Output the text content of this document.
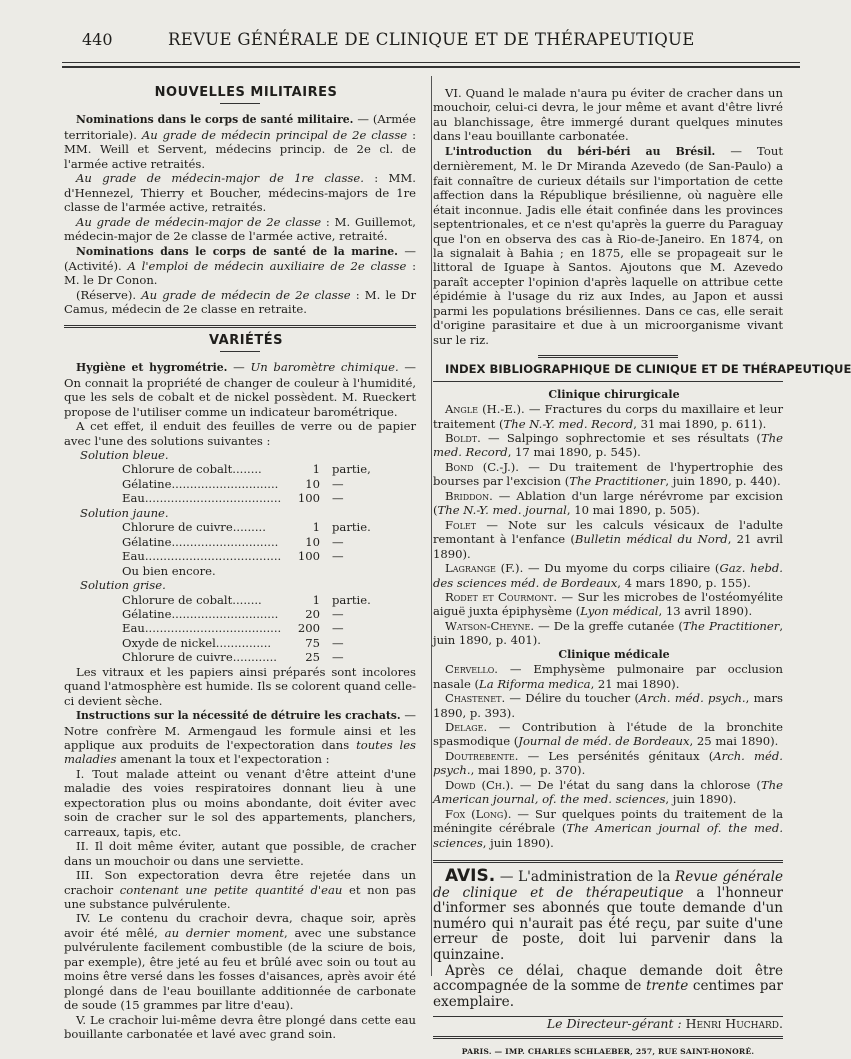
440	REVUE GÉNÉRALE DE CLINIQUE ET DE THÉRAPEUTIQUE

NOUVELLES MILITAIRES

Nominations dans le corps de santé militaire. — (Armée territoriale). Au grade de médecin principal de 2e classe : MM. Weill et Servent, médecins princip. de 2e cl. de l'armée active retraités.

Au grade de médecin-major de 1re classe. : MM. d'Hennezel, Thierry et Boucher, médecins-majors de 1re classe de l'armée active, retraités.

Au grade de médecin-major de 2e classe : M. Guillemot, médecin-major de 2e classe de l'armée active, retraité.

Nominations dans le corps de santé de la marine. — (Activité). A l'emploi de médecin auxiliaire de 2e classe : M. le Dr Conon.

(Réserve). Au grade de médecin de 2e classe : M. le Dr Camus, médecin de 2e classe en retraite.

VARIÉTÉS

Hygiène et hygrométrie. — Un baromètre chimique. — On connait la propriété de changer de couleur à l'humidité, que les sels de cobalt et de nickel possèdent. M. Rueckert propose de l'utiliser comme un indicateur barométrique.

A cet effet, il enduit des feuilles de verre ou de papier avec l'une des solutions suivantes :

Solution bleue.

Chlorure de cobalt........	1	partie,
Gélatine.............................	10	—
Eau.....................................	100	—

Solution jaune.

Chlorure de cuivre.........	1	partie.
Gélatine.............................	10	—
Eau.....................................	100	—

Ou bien encore.

Solution grise.

Chlorure de cobalt........	1	partie.
Gélatine.............................	20	—
Eau.....................................	200	—
Oxyde de nickel...............	75	—
Chlorure de cuivre............	25	—

Les vitraux et les papiers ainsi préparés sont incolores quand l'atmosphère est humide. Ils se colorent quand celle-ci devient sèche.

Instructions sur la nécessité de détruire les crachats. — Notre confrère M. Armengaud les formule ainsi et les applique aux produits de l'expectoration dans toutes les maladies amenant la toux et l'expectoration :

I. Tout malade atteint ou venant d'être atteint d'une maladie des voies respiratoires donnant lieu à une expectoration plus ou moins abondante, doit éviter avec soin de cracher sur le sol des appartements, planchers, carreaux, tapis, etc.

II. Il doit même éviter, autant que possible, de cracher dans un mouchoir ou dans une serviette.

III. Son expectoration devra être rejetée dans un crachoir contenant une petite quantité d'eau et non pas une substance pulvérulente.

IV. Le contenu du crachoir devra, chaque soir, après avoir été mêlé, au dernier moment, avec une substance pulvérulente facilement combustible (de la sciure de bois, par exemple), être jeté au feu et brûlé avec soin ou tout au moins être versé dans les fosses d'aisances, après avoir été plongé dans de l'eau bouillante additionnée de carbonate de soude (15 grammes par litre d'eau).

V. Le crachoir lui-même devra être plongé dans cette eau bouillante carbonatée et lavé avec grand soin.

VI. Quand le malade n'aura pu éviter de cracher dans un mouchoir, celui-ci devra, le jour même et avant d'être livré au blanchissage, être immergé durant quelques minutes dans l'eau bouillante carbonatée.

L'introduction du béri-béri au Brésil. — Tout dernièrement, M. le Dr Miranda Azevedo (de San-Paulo) a fait connaître de curieux détails sur l'importation de cette affection dans la République brésilienne, où naguère elle était inconnue. Jadis elle était confinée dans les provinces septentrionales, et ce n'est qu'après la guerre du Paraguay que l'on en observa des cas à Rio-de-Janeiro. En 1874, on la signalait à Bahia ; en 1875, elle se propageait sur le littoral de Iguape à Santos. Ajoutons que M. Azevedo paraît accepter l'opinion d'après laquelle on attribue cette épidémie à l'usage du riz aux Indes, au Japon et aussi parmi les populations brésiliennes. Dans ce cas, elle serait d'origine parasitaire et due à un microorganisme vivant sur le riz.

INDEX BIBLIOGRAPHIQUE DE CLINIQUE ET DE THÉRAPEUTIQUE

Clinique chirurgicale

Angle (H.-E.). — Fractures du corps du maxillaire et leur traitement (The N.-Y. med. Record, 31 mai 1890, p. 611).

Boldt. — Salpingo sophrectomie et ses résultats (The med. Record, 17 mai 1890, p. 545).

Bond (C.-J.). — Du traitement de l'hypertrophie des bourses par l'excision (The Practitioner, juin 1890, p. 440).

Briddon. — Ablation d'un large nérévrome par excision (The N.-Y. med. journal, 10 mai 1890, p. 505).

Folet — Note sur les calculs vésicaux de l'adulte remontant à l'enfance (Bulletin médical du Nord, 21 avril 1890).

Lagrange (F.). — Du myome du corps ciliaire (Gaz. hebd. des sciences méd. de Bordeaux, 4 mars 1890, p. 155).

Rodet et Courmont. — Sur les microbes de l'ostéomyélite aiguë juxta épiphysème (Lyon médical, 13 avril 1890).

Watson-Cheyne. — De la greffe cutanée (The Practitioner, juin 1890, p. 401).

Clinique médicale

Cervello. — Emphysème pulmonaire par occlusion nasale (La Riforma medica, 21 mai 1890).

Chastenet. — Délire du toucher (Arch. méd. psych., mars 1890, p. 393).

Delage. — Contribution à l'étude de la bronchite spasmodique (Journal de méd. de Bordeaux, 25 mai 1890).

Doutrebente. — Les persénités génitaux (Arch. méd. psych., mai 1890, p. 370).

Dowd (Ch.). — De l'état du sang dans la chlorose (The American journal, of. the med. sciences, juin 1890).

Fox (Long). — Sur quelques points du traitement de la méningite cérébrale (The American journal of. the med. sciences, juin 1890).

AVIS. — L'administration de la Revue générale de clinique et de thérapeutique a l'honneur d'informer ses abonnés que toute demande d'un numéro qui n'aurait pas été reçu, par suite d'une erreur de poste, doit lui parvenir dans la quinzaine.

Après ce délai, chaque demande doit être accompagnée de la somme de trente centimes par exemplaire.

Le Directeur-gérant : Henri Huchard.

PARIS. — IMP. CHARLES SCHLAEBER, 257, RUE SAINT-HONORÉ.
